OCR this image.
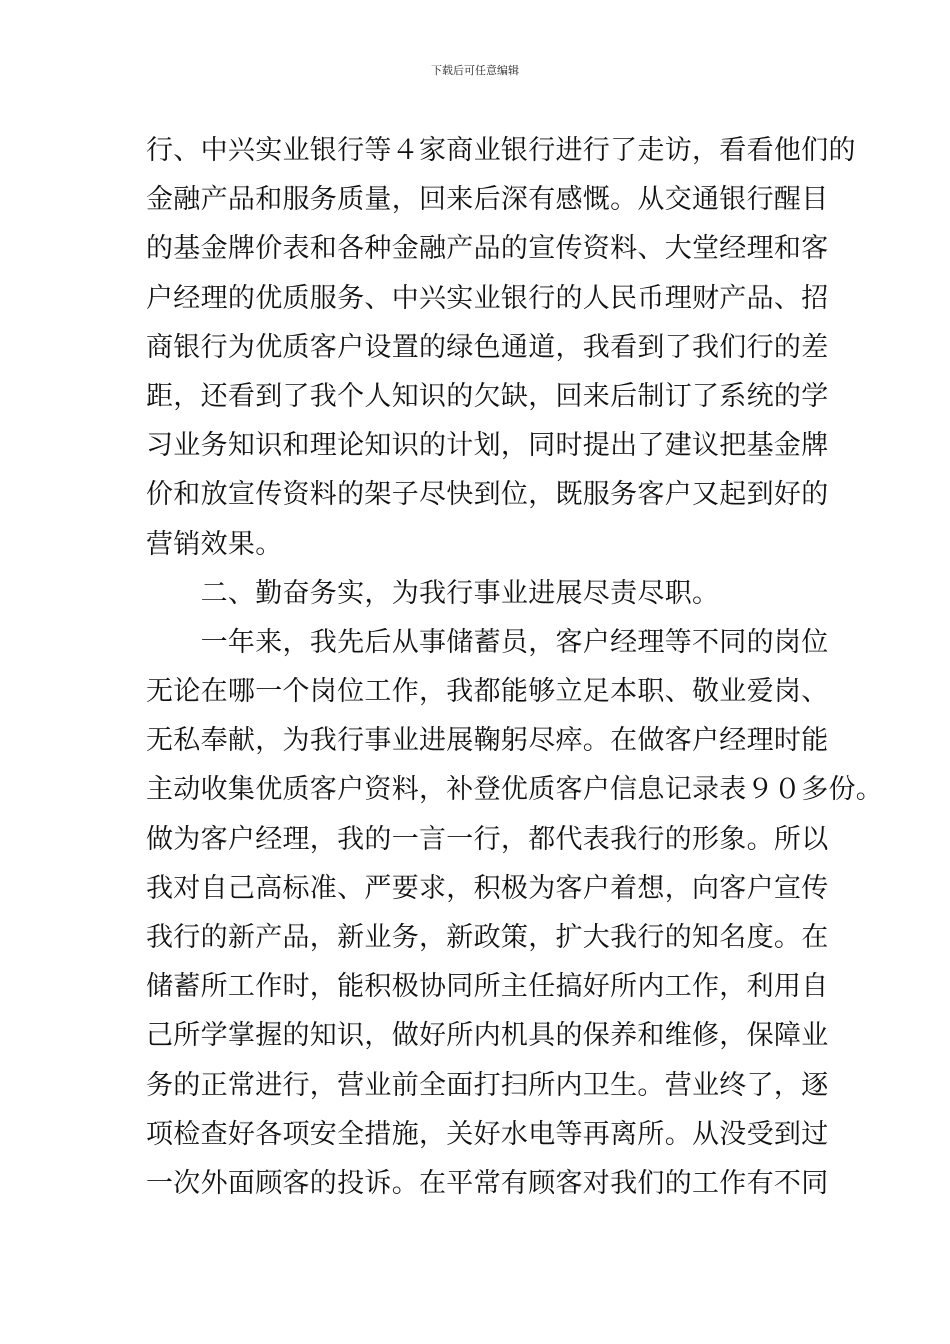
下载后可任意编辑
行、中兴实业银行等４家商业银行进行了走访，看看他们的
金融产品和服务质量，回来后深有感慨。从交通银行醒目
的基金牌价表和各种金融产品的宣传资料、大堂经理和客
户经理的优质服务、中兴实业银行的人民币理财产品、招
商银行为优质客户设置的绿色通道，我看到了我们行的差
距，还看到了我个人知识的欠缺，回来后制订了系统的学
习业务知识和理论知识的计划，同时提出了建议把基金牌
价和放宣传资料的架子尽快到位，既服务客户又起到好的
营销效果。
　　二、勤奋务实，为我行事业进展尽责尽职。
　　一年来，我先后从事储蓄员，客户经理等不同的岗位
无论在哪一个岗位工作，我都能够立足本职、敬业爱岗、
无私奉献，为我行事业进展鞠躬尽瘁。在做客户经理时能
主动收集优质客户资料，补登优质客户信息记录表９０多份。
做为客户经理，我的一言一行，都代表我行的形象。所以
我对自己高标准、严要求，积极为客户着想，向客户宣传
我行的新产品，新业务，新政策，扩大我行的知名度。在
储蓄所工作时，能积极协同所主任搞好所内工作，利用自
己所学掌握的知识，做好所内机具的保养和维修，保障业
务的正常进行，营业前全面打扫所内卫生。营业终了，逐
项检查好各项安全措施，关好水电等再离所。从没受到过
一次外面顾客的投诉。在平常有顾客对我们的工作有不同
